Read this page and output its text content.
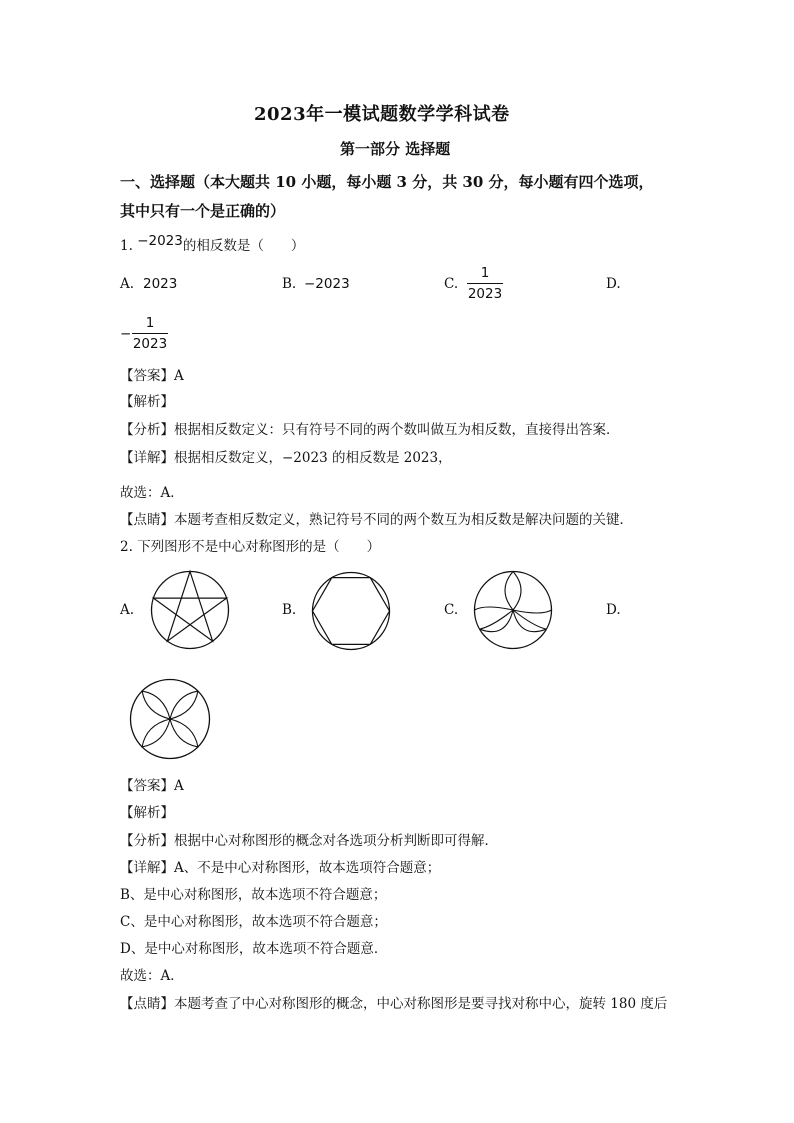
2023年一模试题数学学科试卷
第一部分 选择题
一、选择题（本大题共 10 小题，每小题 3 分，共 30 分，每小题有四个选项，
其中只有一个是正确的）
1. −2023的相反数是（　　）
A. 2023	B. −2023	C.
1
2023
D.
−
1
2023
【答案】A
【解析】
【分析】根据相反数定义：只有符号不同的两个数叫做互为相反数，直接得出答案．
【详解】根据相反数定义，−2023 的相反数是 2023，
故选：A．
【点睛】本题考查相反数定义，熟记符号不同的两个数互为相反数是解决问题的关键．
2. 下列图形不是中心对称图形的是（　　）
A.	B.	C.	D.
【答案】A
【解析】
【分析】根据中心对称图形的概念对各选项分析判断即可得解．
【详解】A、不是中心对称图形，故本选项符合题意；
B、是中心对称图形，故本选项不符合题意；
C、是中心对称图形，故本选项不符合题意；
D、是中心对称图形，故本选项不符合题意．
故选：A．
【点睛】本题考查了中心对称图形的概念，中心对称图形是要寻找对称中心，旋转 180 度后
